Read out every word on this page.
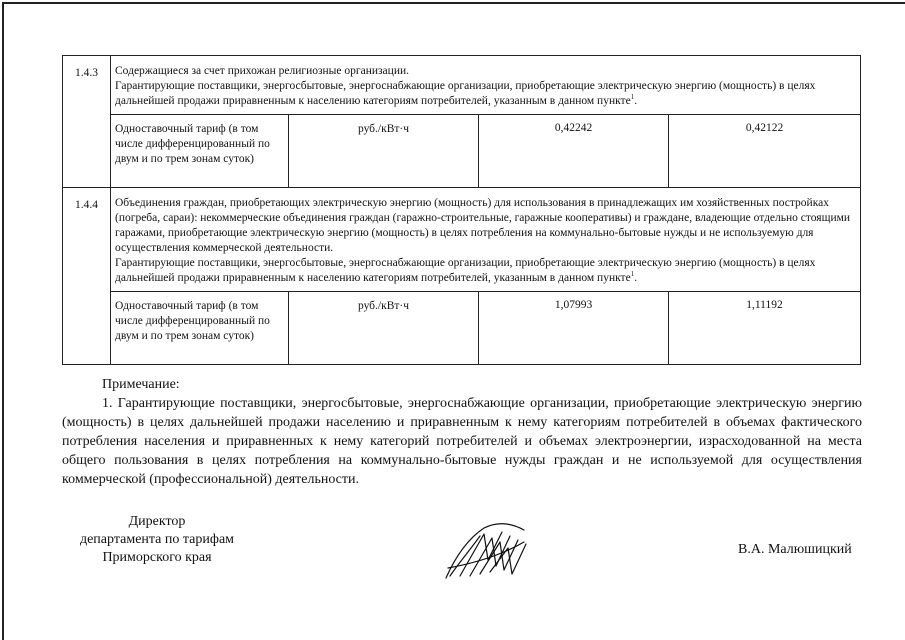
1.4.3	Содержащиеся за счет прихожан религиозные организации.
Гарантирующие поставщики, энергосбытовые, энергоснабжающие организации, приобретающие электрическую энергию (мощность) в целях дальнейшей продажи приравненным к населению категориям потребителей, указанным в данном пункте$^1$.			

	Одноставочный тариф (в том числе дифференцированный по двум и по трем зонам суток)	руб./кВт·ч	0,42242	0,42122
1.4.4	Объединения граждан, приобретающих электрическую энергию (мощность) для использования в принадлежащих им хозяйственных постройках (погреба, сараи): некоммерческие объединения граждан (гаражно-строительные, гаражные кооперативы) и граждане, владеющие отдельно стоящими гаражами, приобретающие электрическую энергию (мощность) в целях потребления на коммунально-бытовые нужды и не используемую для осуществления коммерческой деятельности.
Гарантирующие поставщики, энергосбытовые, энергоснабжающие организации, приобретающие электрическую энергию (мощность) в целях дальнейшей продажи приравненным к населению категориям потребителей, указанным в данном пункте$^1$.			

	Одноставочный тариф (в том числе дифференцированный по двум и по трем зонам суток)	руб./кВт·ч	1,07993	1,11192
Примечание:
1. Гарантирующие поставщики, энергосбытовые, энергоснабжающие организации, приобретающие электрическую энергию (мощность) в целях дальнейшей продажи населению и приравненным к нему категориям потребителей в объемах фактического потребления населения и приравненных к нему категорий потребителей и объемах электроэнергии, израсходованной на места общего пользования в целях потребления на коммунально-бытовые нужды граждан и не используемой для осуществления коммерческой (профессиональной) деятельности.
Директор
департамента по тарифам
Приморского края
В.А. Малюшицкий
